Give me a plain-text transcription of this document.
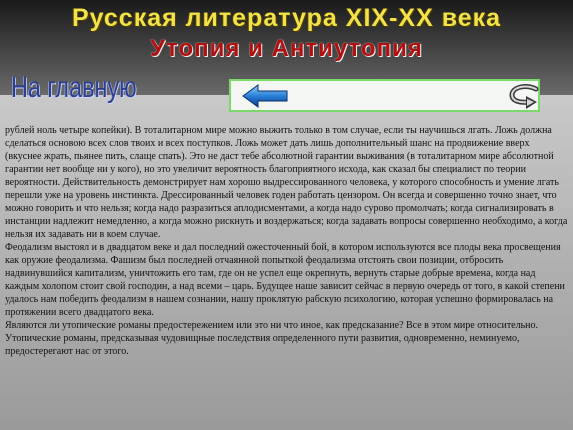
Русская литература XIX-XX века
Утопия и Антиутопия
На главную

рублей ноль четыре копейки). В тоталитарном мире можно выжить только в том случае, если ты научишься лгать. Ложь должна сделаться основою всех слов твоих и всех поступков. Ложь может дать лишь дополнительный шанс на продвижение вверх (вкуснее жрать, пьянее пить, слаще спать). Это не даст тебе абсолютной гарантии выживания (в тоталитарном мире абсолютной гарантии нет вообще ни у кого), но это увеличит вероятность благоприятного исхода, как сказал бы специалист по теории вероятности. Действительность демонстрирует нам хорошо выдрессированного человека, у которого способность и умение лгать перешли уже на уровень инстинкта. Дрессированный человек годен работать цензором. Он всегда и совершенно точно знает, что можно говорить и что нельзя; когда надо разразиться аплодисментами, а когда надо сурово промолчать; когда сигнализировать в инстанции надлежит немедленно, а когда можно рискнуть и воздержаться; когда задавать вопросы совершенно необходимо, а когда нельзя их задавать ни в коем случае.

Феодализм выстоял и в двадцатом веке и дал последний ожесточенный бой, в котором используются все плоды века просвещения как оружие феодализма. Фашизм был последней отчаянной попыткой феодализма отстоять свои позиции, отбросить надвинувшийся капитализм, уничтожить его там, где он не успел еще окрепнуть, вернуть старые добрые времена, когда над каждым холопом стоит свой господин, а над всеми – царь. Будущее наше зависит сейчас в первую очередь от того, в какой степени удалось нам победить феодализм в нашем сознании, нашу проклятую рабскую психологию, которая успешно формировалась на протяжении всего двадцатого века.

Являются ли утопические романы предостережением или это ни что иное, как предсказание? Все в этом мире относительно. Утопические романы, предсказывая чудовищные последствия определенного пути развития, одновременно, неминуемо, предостерегают нас от этого.
